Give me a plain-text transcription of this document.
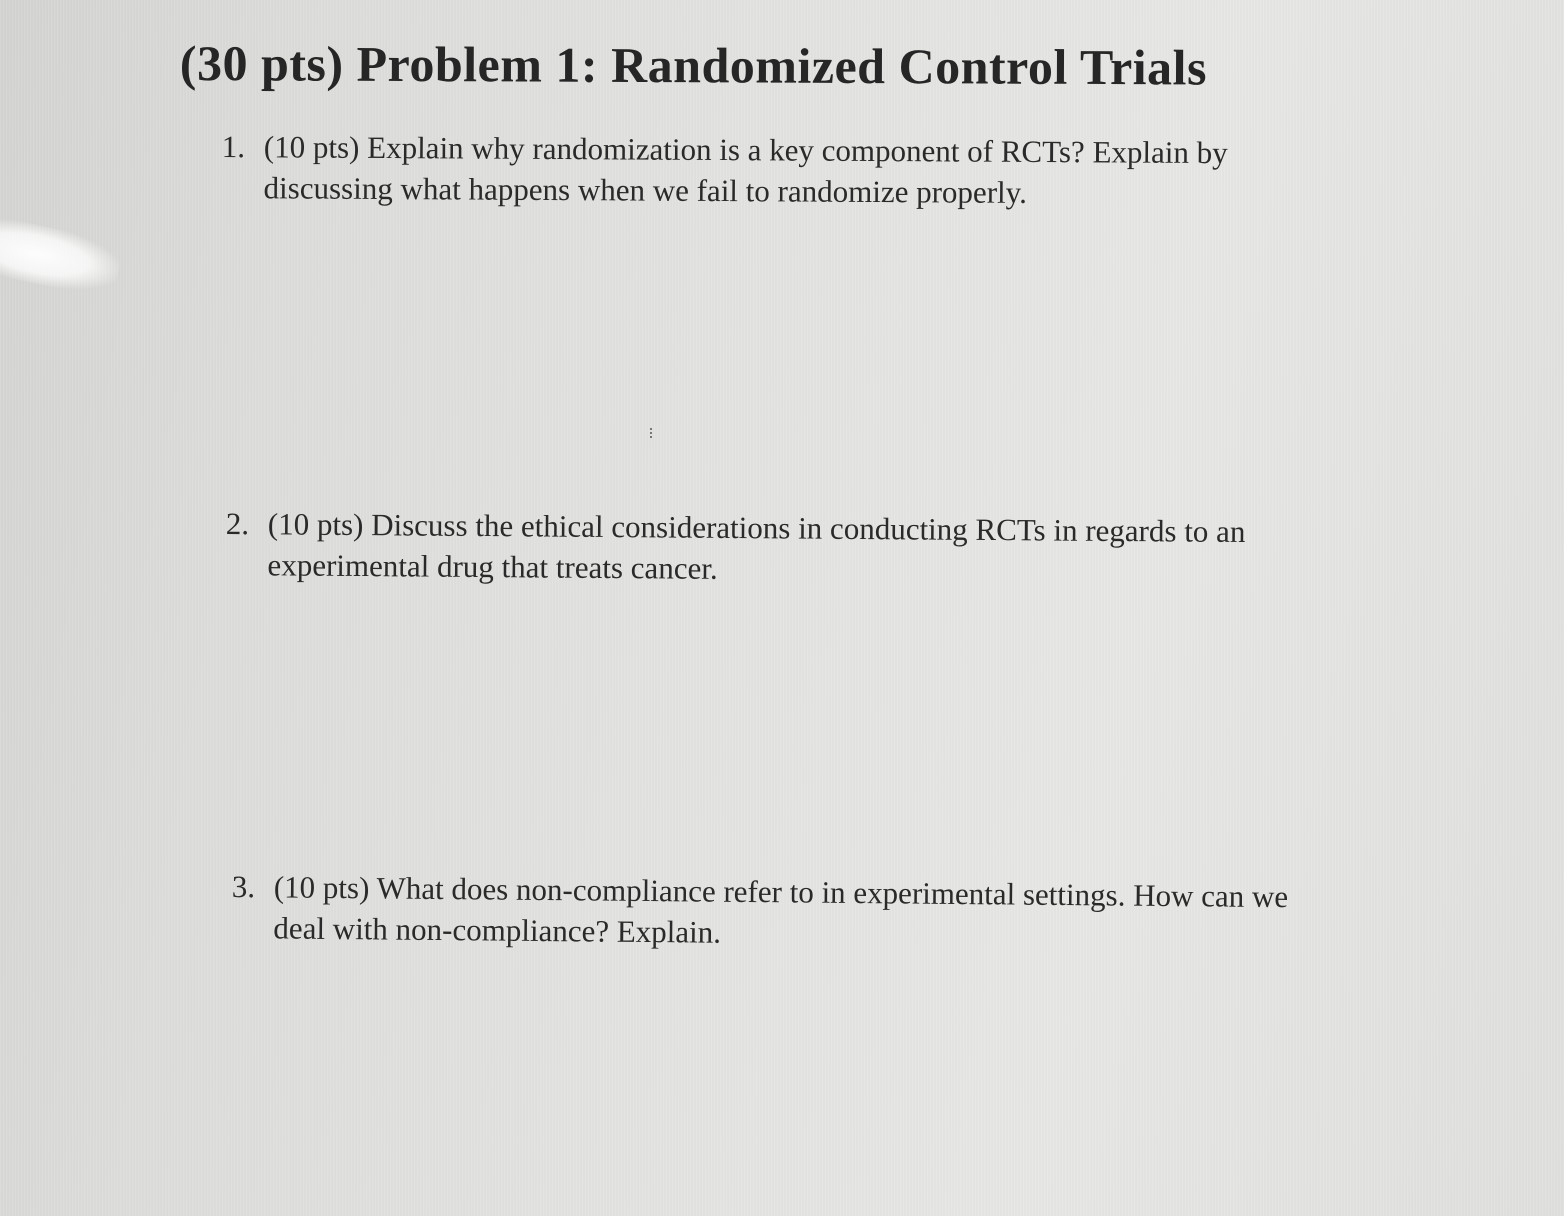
(30 pts) Problem 1: Randomized Control Trials
1. (10 pts) Explain why randomization is a key component of RCTs? Explain by discussing what happens when we fail to randomize properly.
2. (10 pts) Discuss the ethical considerations in conducting RCTs in regards to an experimental drug that treats cancer.
3. (10 pts) What does non-compliance refer to in experimental settings. How can we deal with non-compliance? Explain.
